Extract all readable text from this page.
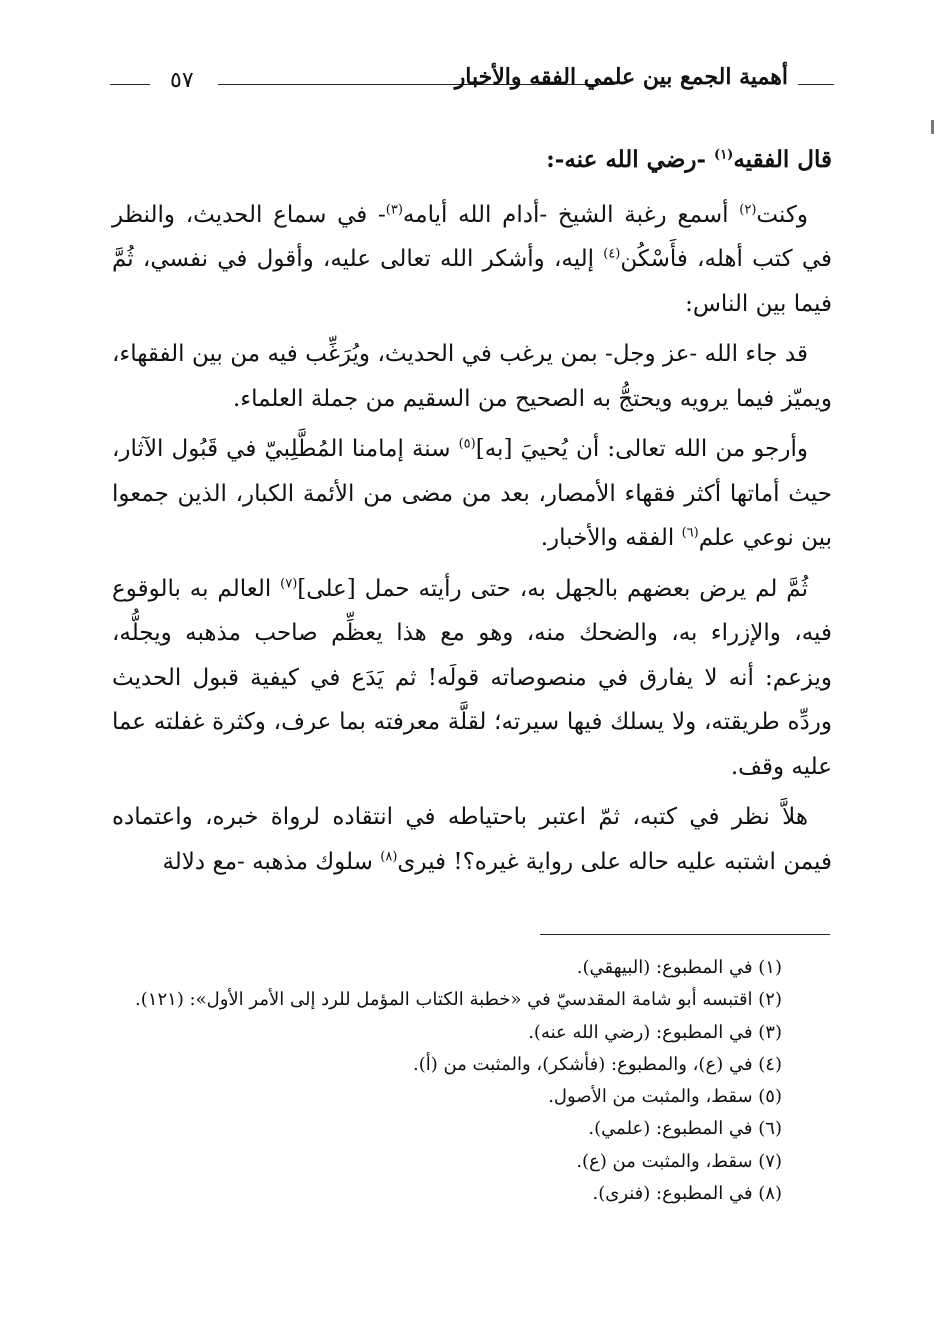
٥٧	أهمية الجمع بين علمي الفقه والأخبار

قال الفقيه$^{(١)}$ -رضي الله عنه-:

وكنت$^{(٢)}$ أسمع رغبة الشيخ -أدام الله أيامه$^{(٣)}$- في سماع الحديث، والنظر في كتب أهله، فأَسْكُن$^{(٤)}$ إليه، وأشكر الله تعالى عليه، وأقول في نفسي، ثُمَّ فيما بين الناس:

قد جاء الله -عز وجل- بمن يرغب في الحديث، ويُرَغِّب فيه من بين الفقهاء، ويميّز فيما يرويه ويحتجُّ به الصحيح من السقيم من جملة العلماء.

وأرجو من الله تعالى: أن يُحييَ [به]$^{(٥)}$ سنة إمامنا المُطَّلِبيّ في قَبُول الآثار، حيث أماتها أكثر فقهاء الأمصار، بعد من مضى من الأئمة الكبار، الذين جمعوا بين نوعي علم$^{(٦)}$ الفقه والأخبار.

ثُمَّ لم يرض بعضهم بالجهل به، حتى رأيته حمل [على]$^{(٧)}$ العالم به بالوقوع فيه، والإزراء به، والضحك منه، وهو مع هذا يعظِّم صاحب مذهبه ويجلُّه، ويزعم: أنه لا يفارق في منصوصاته قولَه! ثم يَدَع في كيفية قبول الحديث وردِّه طريقته، ولا يسلك فيها سيرته؛ لقلَّة معرفته بما عرف، وكثرة غفلته عما عليه وقف.

هلاَّ نظر في كتبه، ثمّ اعتبر باحتياطه في انتقاده لرواة خبره، واعتماده فيمن اشتبه عليه حاله على رواية غيره؟! فيرى$^{(٨)}$ سلوك مذهبه -مع دلالة

(١) في المطبوع: (البيهقي).

(٢) اقتبسه أبو شامة المقدسيّ في «خطبة الكتاب المؤمل للرد إلى الأمر الأول»: (١٢١).

(٣) في المطبوع: (رضي الله عنه).

(٤) في (ع)، والمطبوع: (فأشكر)، والمثبت من (أ).

(٥) سقط، والمثبت من الأصول.

(٦) في المطبوع: (علمي).

(٧) سقط، والمثبت من (ع).

(٨) في المطبوع: (فنرى).
